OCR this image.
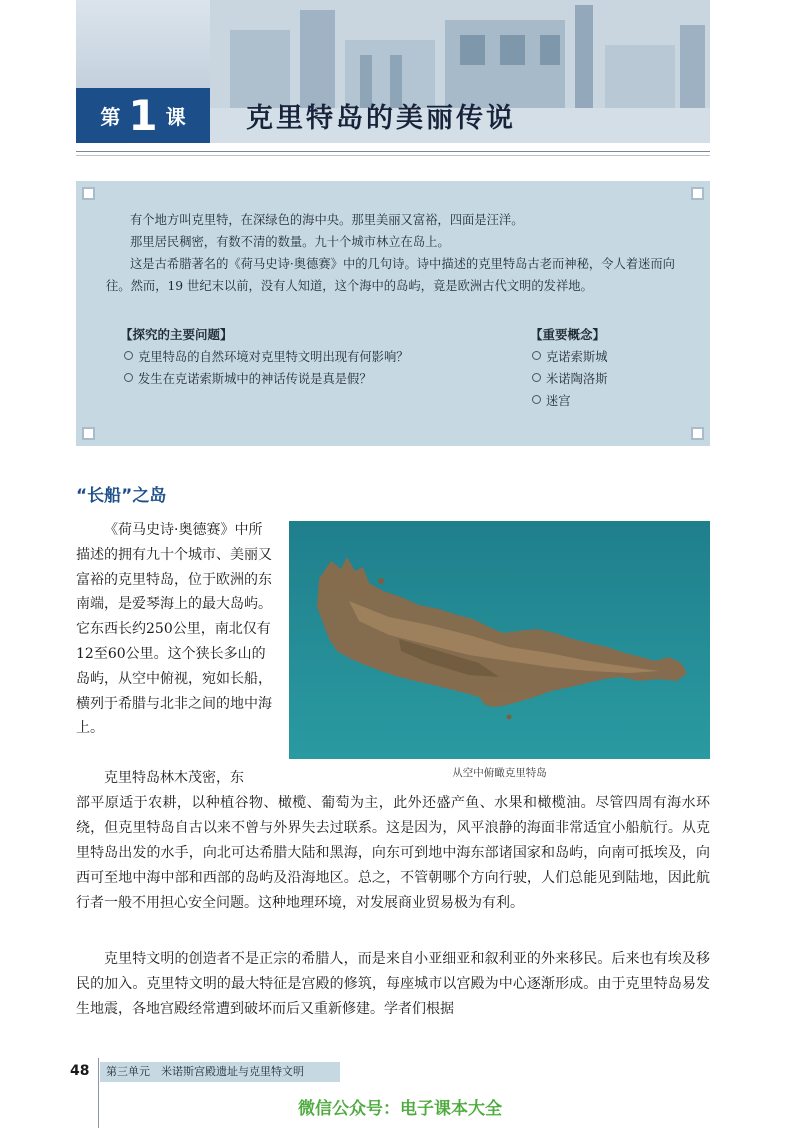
第 1 课 克里特岛的美丽传说

有个地方叫克里特，在深绿色的海中央。那里美丽又富裕，四面是汪洋。

那里居民稠密，有数不清的数量。九十个城市林立在岛上。

这是古希腊著名的《荷马史诗·奥德赛》中的几句诗。诗中描述的克里特岛古老而神秘，令人着迷而向往。然而，19 世纪末以前，没有人知道，这个海中的岛屿，竟是欧洲古代文明的发祥地。

【探究的主要问题】
克里特岛的自然环境对克里特文明出现有何影响？
发生在克诺索斯城中的神话传说是真是假？
【重要概念】
克诺索斯城
米诺陶洛斯
迷宫
“长船”之岛

《荷马史诗·奥德赛》中所描述的拥有九十个城市、美丽又富裕的克里特岛，位于欧洲的东南端，是爱琴海上的最大岛屿。它东西长约250公里，南北仅有12至60公里。这个狭长多山的岛屿，从空中俯视，宛如长船，横列于希腊与北非之间的地中海上。

从空中俯瞰克里特岛

克里特岛林木茂密，东

部平原适于农耕，以种植谷物、橄榄、葡萄为主，此外还盛产鱼、水果和橄榄油。尽管四周有海水环绕，但克里特岛自古以来不曾与外界失去过联系。这是因为，风平浪静的海面非常适宜小船航行。从克里特岛出发的水手，向北可达希腊大陆和黑海，向东可到地中海东部诸国家和岛屿，向南可抵埃及，向西可至地中海中部和西部的岛屿及沿海地区。总之，不管朝哪个方向行驶，人们总能见到陆地，因此航行者一般不用担心安全问题。这种地理环境，对发展商业贸易极为有利。

克里特文明的创造者不是正宗的希腊人，而是来自小亚细亚和叙利亚的外来移民。后来也有埃及移民的加入。克里特文明的最大特征是宫殿的修筑，每座城市以宫殿为中心逐渐形成。由于克里特岛易发生地震，各地宫殿经常遭到破坏而后又重新修建。学者们根据

48	第三单元　米诺斯宫殿遗址与克里特文明
微信公众号：电子课本大全
